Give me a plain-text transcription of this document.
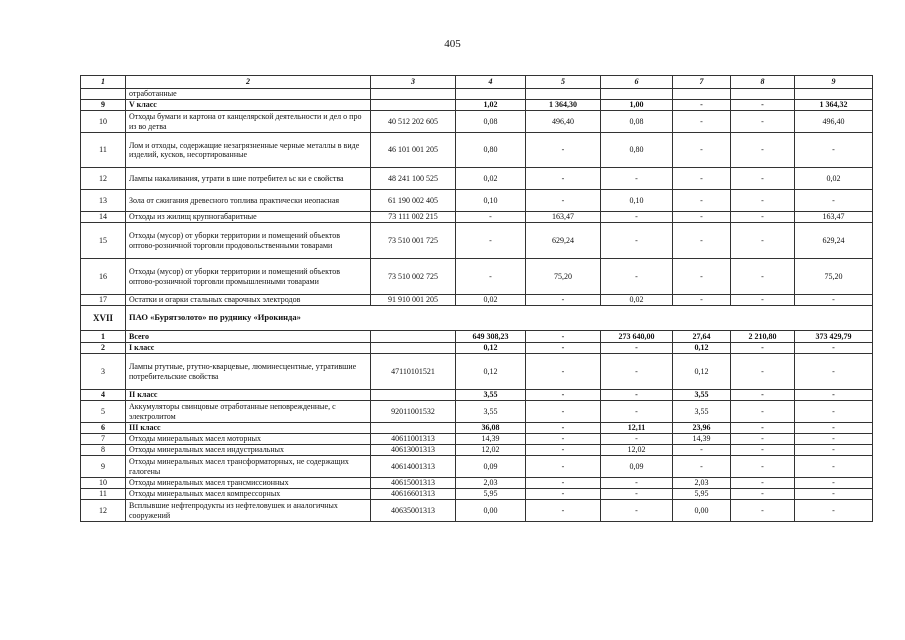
405
1	2	3	4	5	6	7	8	9
	отработанные							
9	V класс		1,02	1 364,30	1,00	-	-	1 364,32
10	Отходы бумаги и картона от канцелярской деятельности и дел о про из во детва	40 512 202 605	0,08	496,40	0,08	-	-	496,40
11	Лом и отходы, содержащие незагрязненные черные металлы в виде изделий, кусков, несортированные	46 101 001 205	0,80	-	0,80	-	-	-
12	Лампы накаливания, утрати в шие потребител ьс ки е свойства	48 241 100 525	0,02	-	-	-	-	0,02
13	Зола от сжигания древесного топлива практически неопасная	61 190 002 405	0,10	-	0,10	-	-	-
14	Отходы из жилищ крупногабаритные	73 111 002 215	-	163,47	-	-	-	163,47
15	Отходы (мусор) от уборки территории и помещений объектов оптово-розничной торговли продовольственными товарами	73 510 001 725	-	629,24	-	-	-	629,24
16	Отходы (мусор) от уборки территории и помещений объектов оптово-розничной торговли промышленными товарами	73 510 002 725	-	75,20	-	-	-	75,20
17	Остатки и огарки стальных сварочных электродов	91 910 001 205	0,02	-	0,02	-	-	-
XVII	ПАО «Бурятзолото» по руднику «Ирокинда»							
1	Всего		649 308,23	-	273 640,00	27,64	2 210,80	373 429,79
2	I класс		0,12	-	-	0,12	-	-
3	Лампы ртутные, ртутно-кварцевые, люминесцентные, утратившие потребительские свойства	47110101521	0,12	-	-	0,12	-	-
4	II класс		3,55	-	-	3,55	-	-
5	Аккумуляторы свинцовые отработанные неповрежденные, с электролитом	92011001532	3,55	-	-	3,55	-	-
6	III класс		36,08	-	12,11	23,96	-	-
7	Отходы минеральных масел моторных	40611001313	14,39	-	-	14,39	-	-
8	Отходы минеральных масел индустриальных	40613001313	12,02	-	12,02	-	-	-
9	Отходы минеральных масел трансформаторных, не содержащих галогены	40614001313	0,09	-	0,09	-	-	-
10	Отходы минеральных масел трансмиссионных	40615001313	2,03	-	-	2,03	-	-
11	Отходы минеральных масел компрессорных	40616601313	5,95	-	-	5,95	-	-
12	Всплывшие нефтепродукты из нефтеловушек и аналогичных сооружений	40635001313	0,00	-	-	0,00	-	-
